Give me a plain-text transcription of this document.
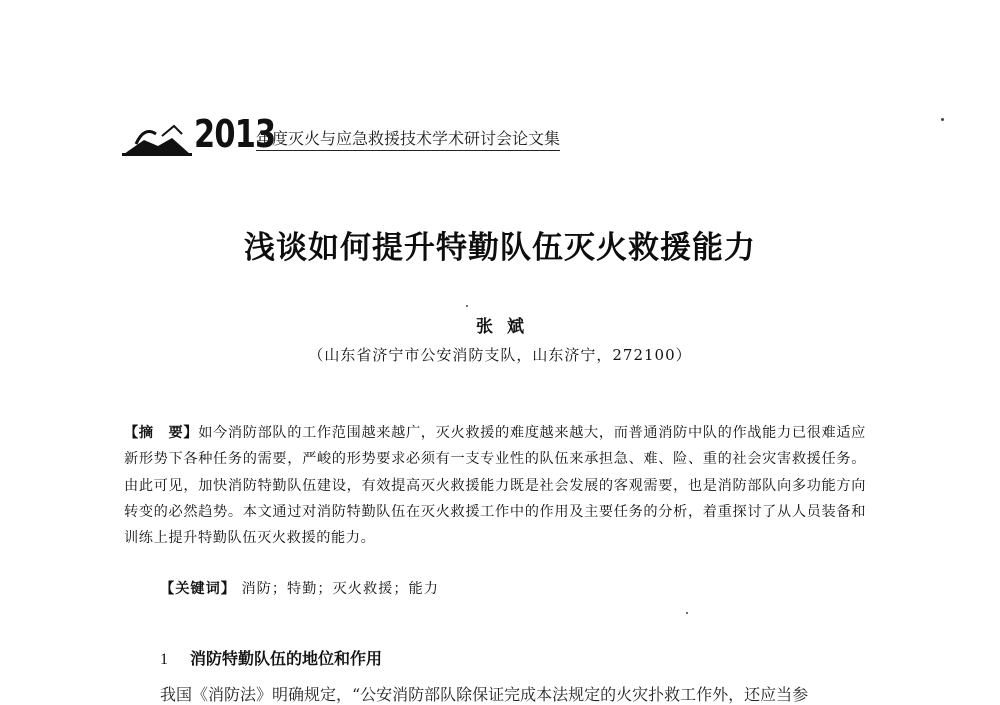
2013
年度灭火与应急救援技术学术研讨会论文集
浅谈如何提升特勤队伍灭火救援能力
张斌
（山东省济宁市公安消防支队，山东济宁，272100）
【摘　要】如今消防部队的工作范围越来越广，灭火救援的难度越来越大，而普通消防中队的作战能力已很难适应新形势下各种任务的需要，严峻的形势要求必须有一支专业性的队伍来承担急、难、险、重的社会灾害救援任务。由此可见，加快消防特勤队伍建设，有效提高灭火救援能力既是社会发展的客观需要，也是消防部队向多功能方向转变的必然趋势。本文通过对消防特勤队伍在灭火救援工作中的作用及主要任务的分析，着重探讨了从人员装备和训练上提升特勤队伍灭火救援的能力。
【关键词】 消防；特勤；灭火救援；能力
1 消防特勤队伍的地位和作用
我国《消防法》明确规定，“公安消防部队除保证完成本法规定的火灾扑救工作外，还应当参
